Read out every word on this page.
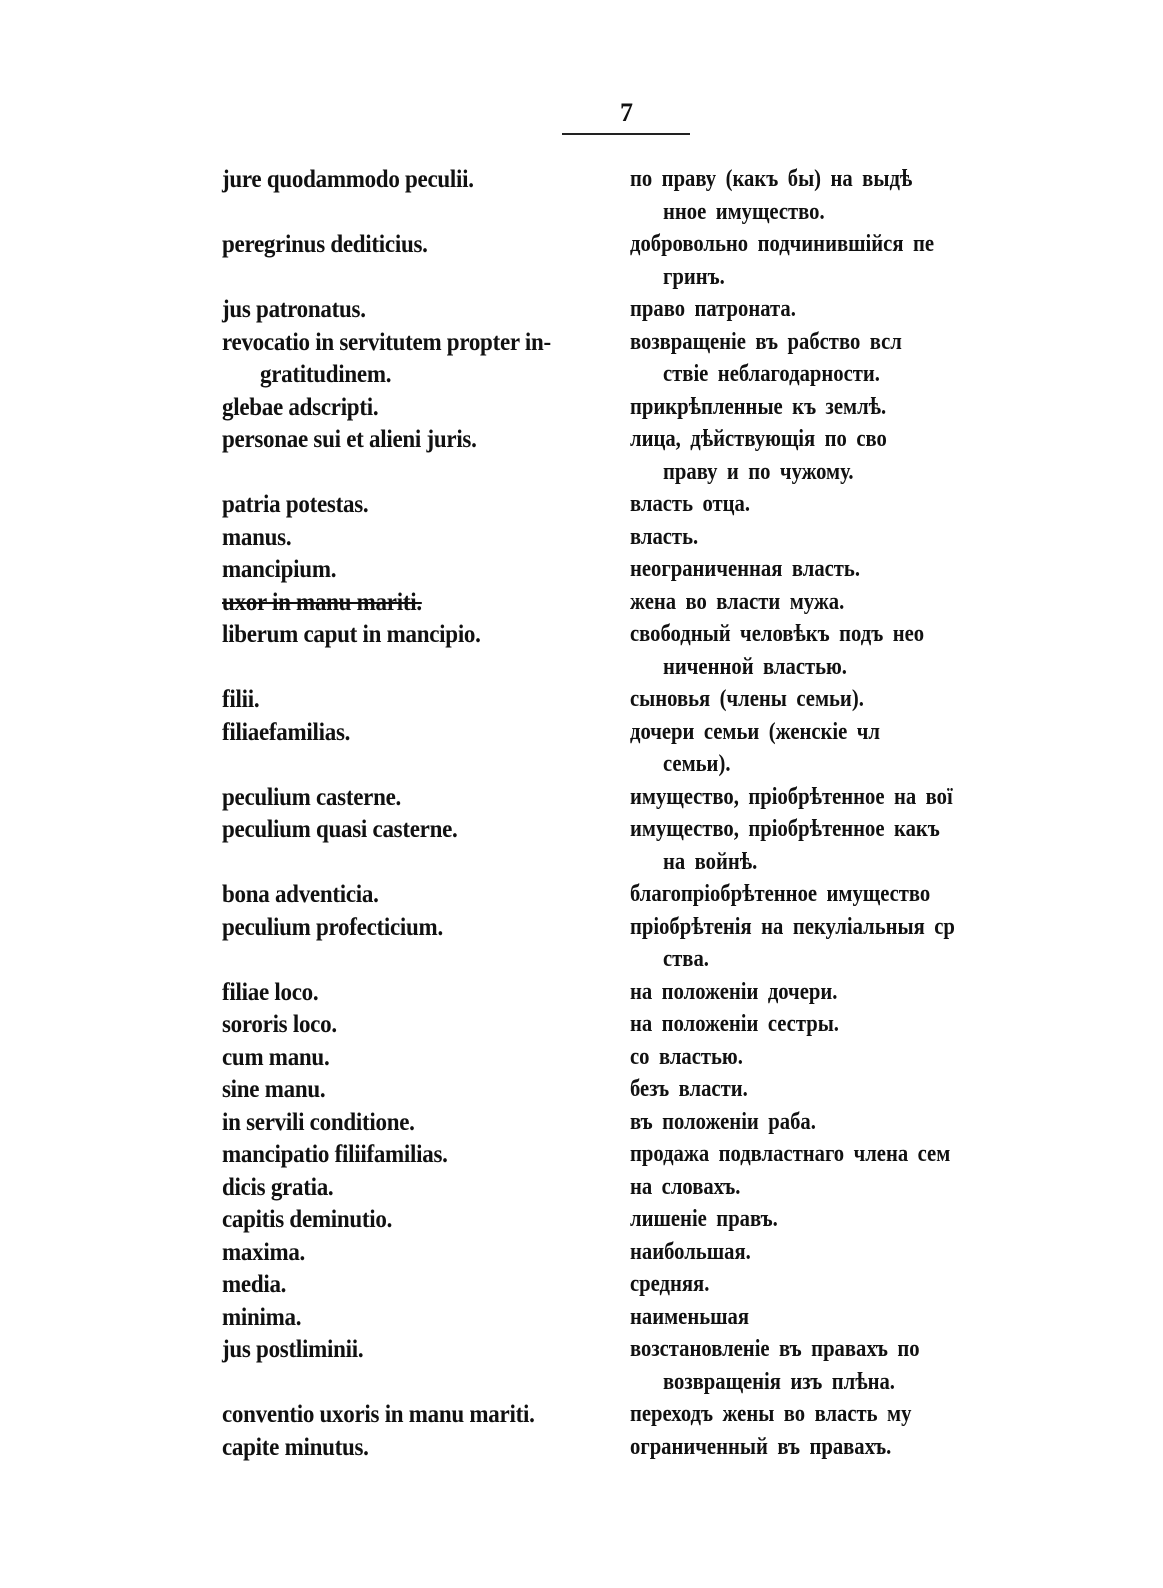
7
jure quodammodo peculii.	по праву (какъ бы) на выдѣ
нное имущество.
peregrinus dediticius.	добровольно подчинившійся пе
гринъ.
jus patronatus.	право патроната.
revocatio in servitutem propter in-	возвращеніе въ рабство всл
gratitudinem.	ствіе неблагодарности.
glebae adscripti.	прикрѣпленные къ землѣ.
personae sui et alieni juris.	лица, дѣйствующія по сво
праву и по чужому.
patria potestas.	власть отца.
manus.	власть.
mancipium.	неограниченная власть.
uxor in manu mariti.	жена во власти мужа.
liberum caput in mancipio.	свободный человѣкъ подъ нео
ниченной властью.
filii.	сыновья (члены семьи).
filiaefamilias.	дочери семьи (женскіе чл
семьи).
peculium casterne.	имущество, пріобрѣтенное на вої
peculium quasi casterne.	имущество, пріобрѣтенное какъ
на войнѣ.
bona adventicia.	благопріобрѣтенное имущество
peculium profecticium.	пріобрѣтенія на пекуліальныя ср
ства.
filiae loco.	на положеніи дочери.
sororis loco.	на положеніи сестры.
cum manu.	со властью.
sine manu.	безъ власти.
in servili conditione.	въ положеніи раба.
mancipatio filiifamilias.	продажа подвластнаго члена сем
dicis gratia.	на словахъ.
capitis deminutio.	лишеніе правъ.
maxima.	наибольшая.
media.	средняя.
minima.	наименьшая
jus postliminii.	возстановленіе въ правахъ по
возвращенія изъ плѣна.
conventio uxoris in manu mariti.	переходъ жены во власть му
capite minutus.	ограниченный въ правахъ.
